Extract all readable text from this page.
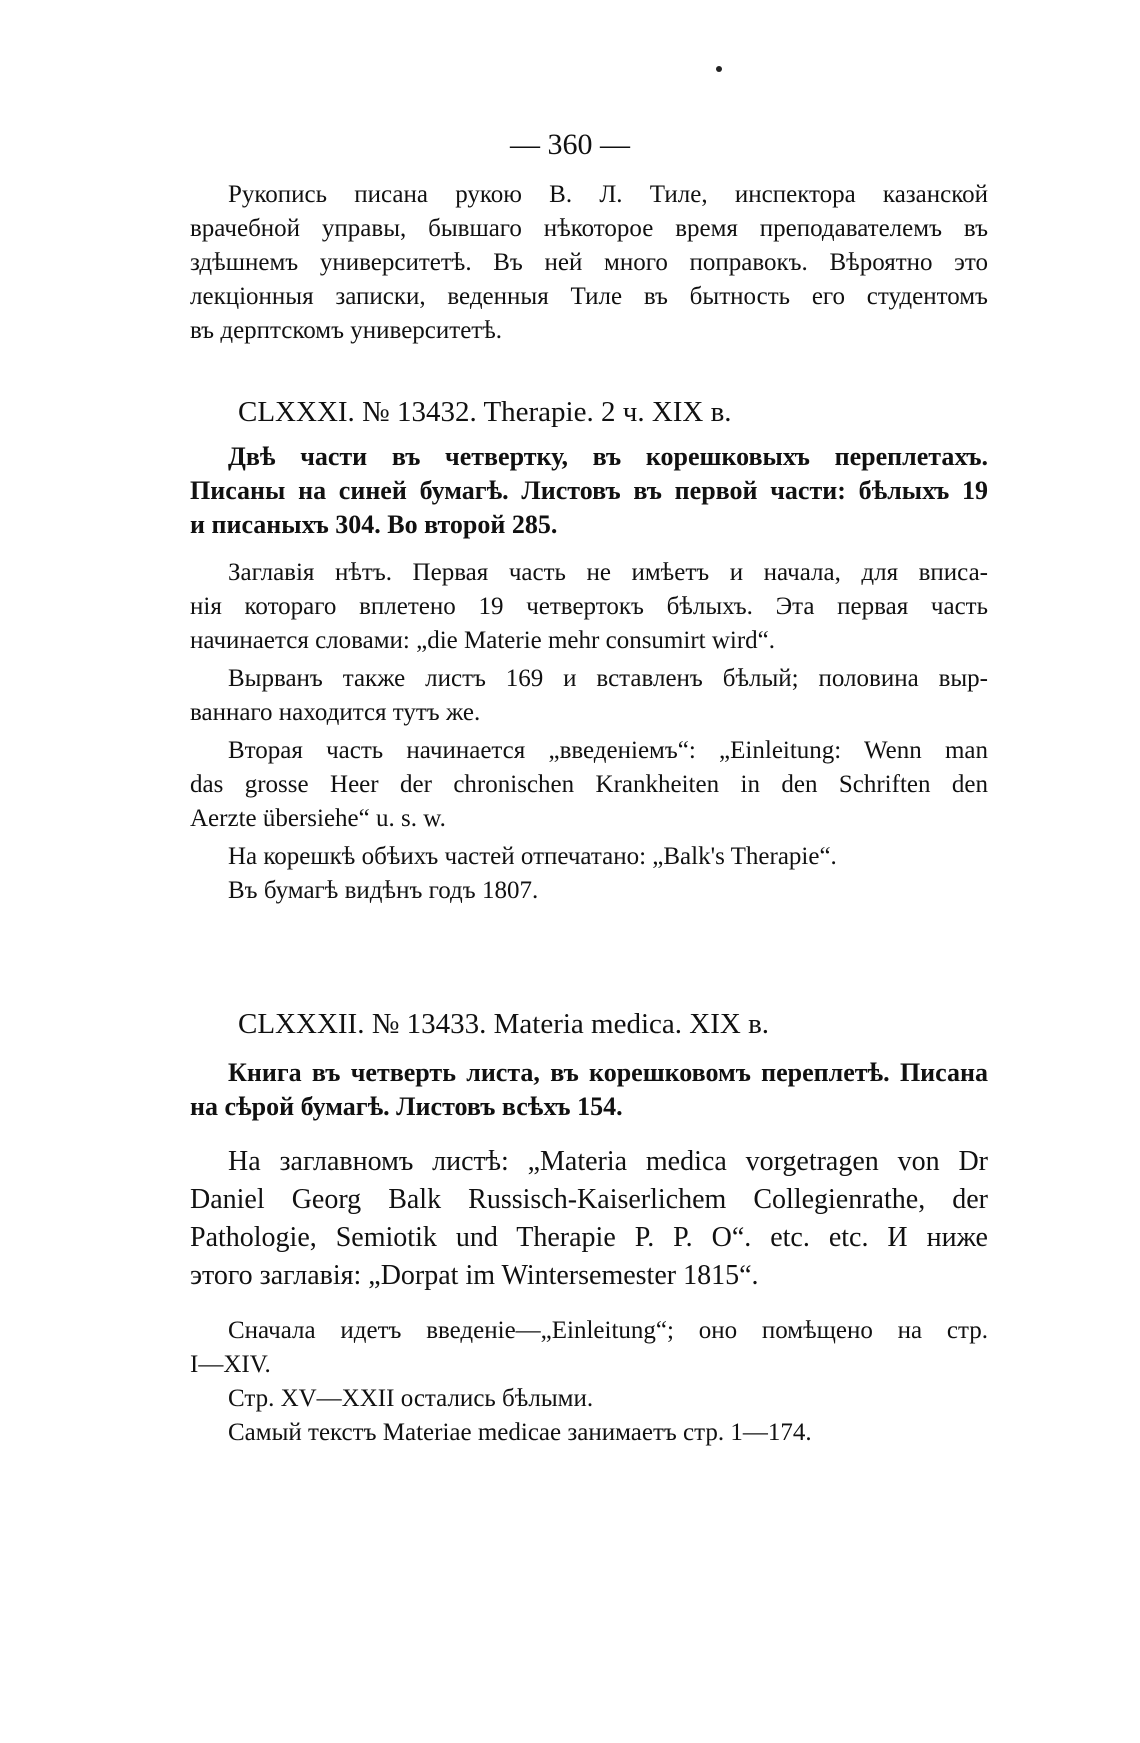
— 360 —
Рукопись писана рукою В. Л. Тиле, инспектора казанской
врачебной управы, бывшаго нѣкоторое время преподавателемъ въ
здѣшнемъ университетѣ. Въ ней много поправокъ. Вѣроятно это
лекціонныя записки, веденныя Тиле въ бытность его студентомъ
въ дерптскомъ университетѣ.
CLXXXI. № 13432. Therapie. 2 ч. XIX в.
Двѣ части въ четвертку, въ корешковыхъ переплетахъ.
Писаны на синей бумагѣ. Листовъ въ первой части: бѣлыхъ 19
и писаныхъ 304. Во второй 285.
Заглавія нѣтъ. Первая часть не имѣетъ и начала, для вписа-
нія котораго вплетено 19 четвертокъ бѣлыхъ. Эта первая часть
начинается словами: „die Materie mehr consumirt wird“.
Вырванъ также листъ 169 и вставленъ бѣлый; половина выр-
ваннаго находится тутъ же.
Вторая часть начинается „введеніемъ“: „Einleitung: Wenn man
das grosse Heer der chronischen Krankheiten in den Schriften den
Aerzte übersiehe“ u. s. w.
На корешкѣ обѣихъ частей отпечатано: „Balk's Therapie“.
Въ бумагѣ видѣнъ годъ 1807.
CLXXXII. № 13433. Materia medica. XIX в.
Книга въ четверть листа, въ корешковомъ переплетѣ. Писана
на сѣрой бумагѣ. Листовъ всѣхъ 154.
На заглавномъ листѣ: „Materia medica vorgetragen von Dr
Daniel Georg Balk Russisch-Kaiserlichem Collegienrathe, der
Pathologie, Semiotik und Therapie P. P. O“. etc. etc. И ниже
этого заглавія: „Dorpat im Wintersemester 1815“.
Сначала идетъ введеніе—„Einleitung“; оно помѣщено на стр.
I—XIV.
Стр. XV—XXII остались бѣлыми.
Самый текстъ Materiae medicae занимаетъ стр. 1—174.
